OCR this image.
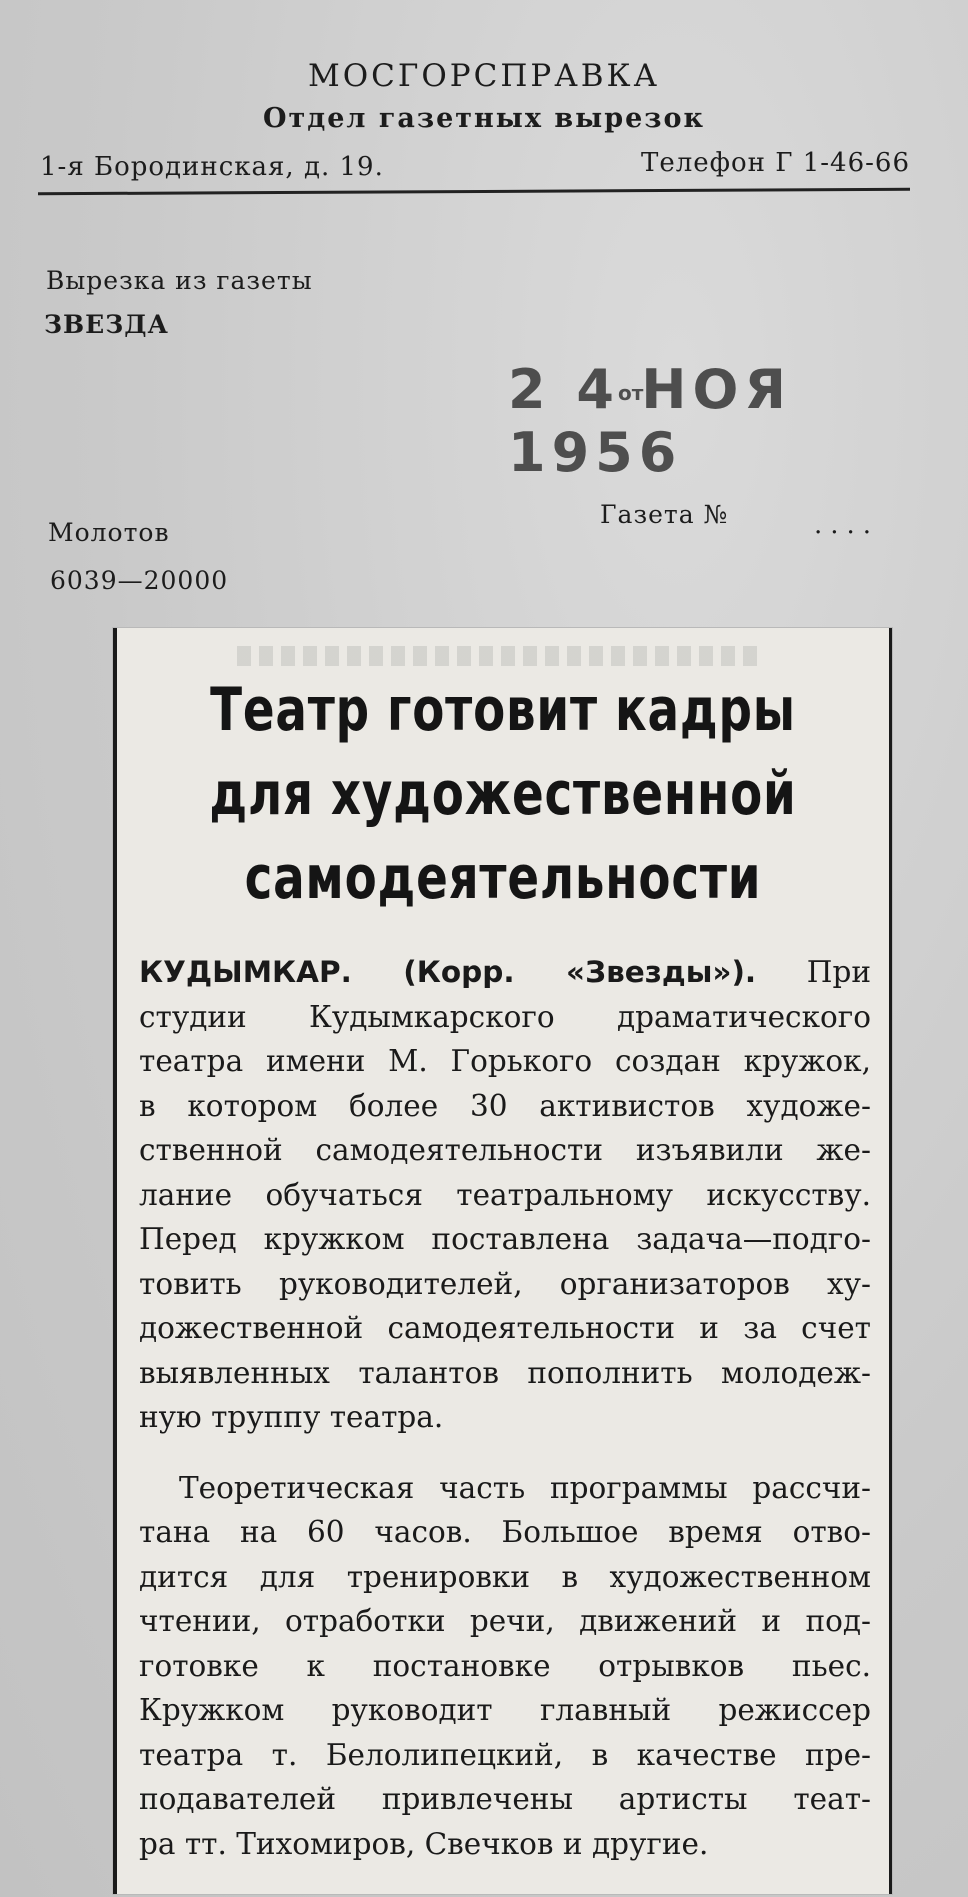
МОСГОРСПРАВКА
Отдел газетных вырезок
1-я Бородинская, д. 19.	Телефон Г 1-46-66
Вырезка из газеты
ЗВЕЗДА
2 4отНОЯ 1956
Газета №	....
Молотов
6039—20000
Театр готовит кадры
для художественной
самодеятельности
КУДЫМКАР. (Корр. «Звезды»). При
студии Кудымкарского драматического
театра имени М. Горького создан кружок,
в котором более 30 активистов художе-
ственной самодеятельности изъявили же-
лание обучаться театральному искусству.
Перед кружком поставлена задача—подго-
товить руководителей, организаторов ху-
дожественной самодеятельности и за счет
выявленных талантов пополнить молодеж-
ную труппу театра.
Теоретическая часть программы рассчи-
тана на 60 часов. Большое время отво-
дится для тренировки в художественном
чтении, отработки речи, движений и под-
готовке к постановке отрывков пьес.
Кружком руководит главный режиссер
театра т. Белолипецкий, в качестве пре-
подавателей привлечены артисты теат-
ра тт. Тихомиров, Свечков и другие.
